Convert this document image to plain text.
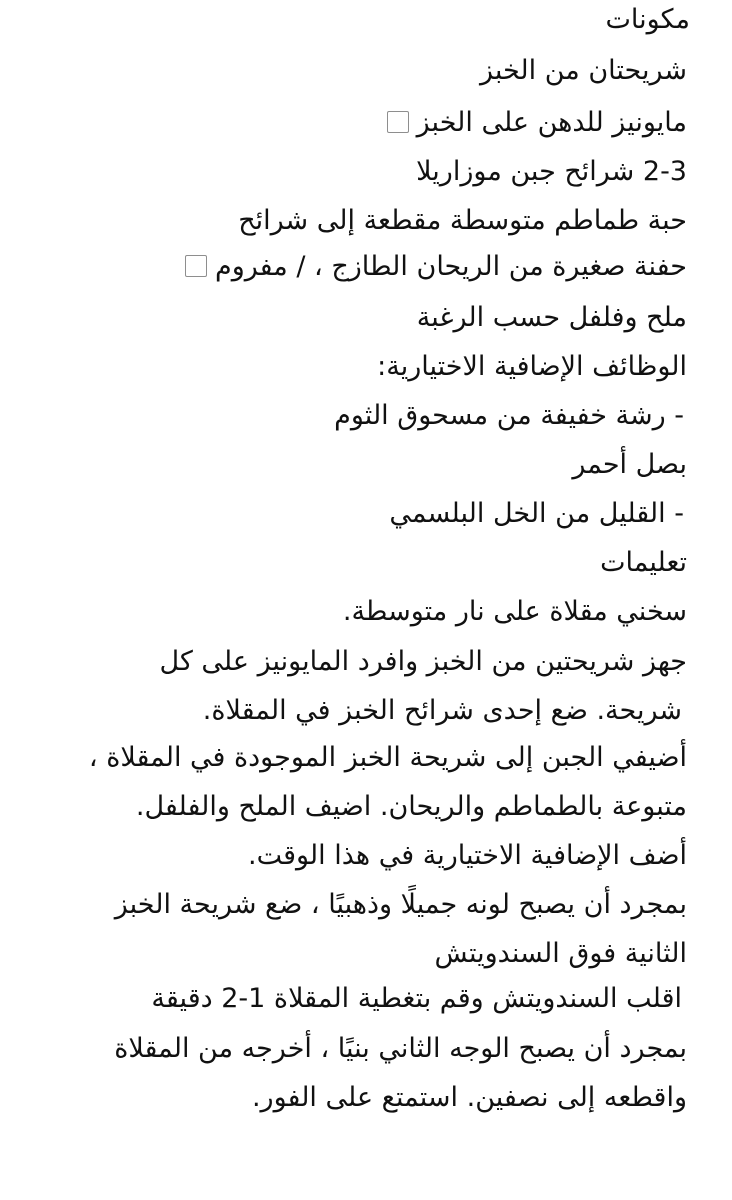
مكونات
شريحتان من الخبز
مايونيز للدهن على الخبز
2-3 شرائح جبن موزاريلا
حبة طماطم متوسطة مقطعة إلى شرائح
حفنة صغيرة من الريحان الطازج ، / مفروم
ملح وفلفل حسب الرغبة
الوظائف الإضافية الاختيارية:
- رشة خفيفة من مسحوق الثوم
بصل أحمر
- القليل من الخل البلسمي
تعليمات
سخني مقلاة على نار متوسطة.
جهز شريحتين من الخبز وافرد المايونيز على كل
شريحة. ضع إحدى شرائح الخبز في المقلاة.
أضيفي الجبن إلى شريحة الخبز الموجودة في المقلاة ،
متبوعة بالطماطم والريحان. اضيف الملح والفلفل.
أضف الإضافية الاختيارية في هذا الوقت.
بمجرد أن يصبح لونه جميلًا وذهبيًا ، ضع شريحة الخبز
الثانية فوق السندويتش
اقلب السندويتش وقم بتغطية المقلاة 1-2 دقيقة
بمجرد أن يصبح الوجه الثاني بنيًا ، أخرجه من المقلاة
واقطعه إلى نصفين. استمتع على الفور.
